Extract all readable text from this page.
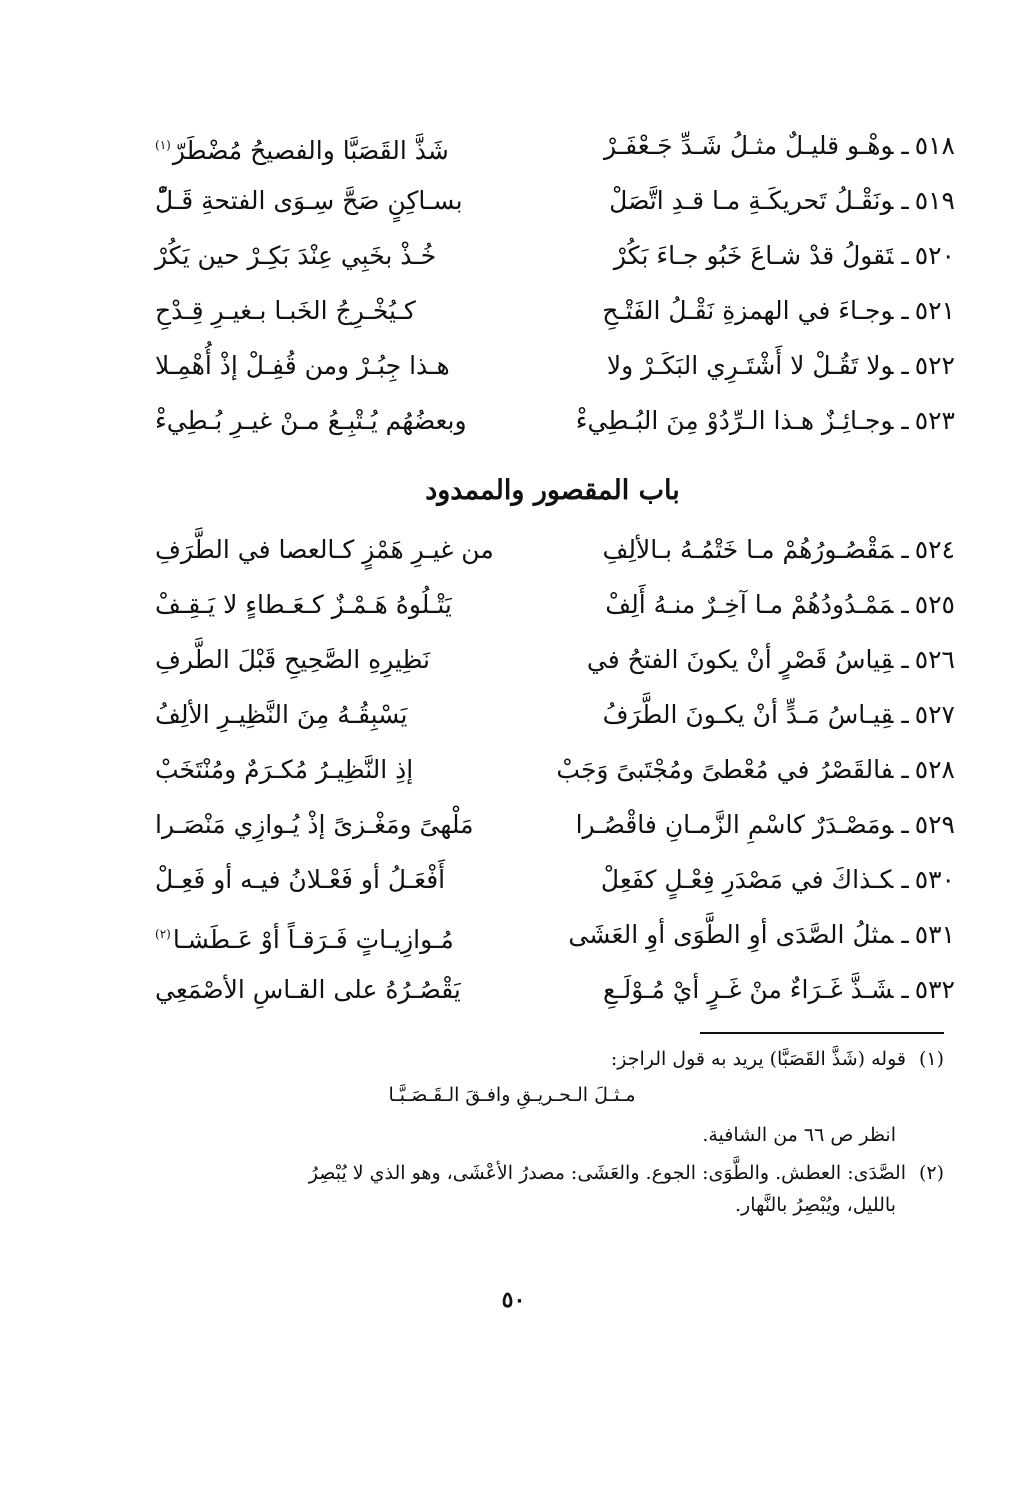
٥١٨ـوهْـو قليـلٌ مثـلُ شَـدِّ جَـعْفَـرْ
شَذَّ القَصَبَّا والفصيحُ مُضْطَرّ$^{(١)}$
٥١٩ـونَقْـلُ تَحريكَـةِ مـا قـدِ اتَّصَلْ
بسـاكِنٍ صَحَّ سِـوَى الفتحةِ قَـلّْ
٥٢٠ـتَقولُ قدْ شـاعَ خَبُو جـاءَ بَكُرْ
خُـذْ بخَبِي عِنْدَ بَكِـرْ حين يَكُرْ
٥٢١ـوجـاءَ في الهمزةِ نَقْـلُ الفَتْـحِ
كـيُخْـرِجُ الخَبـا بـغيـرِ قِـدْحِ
٥٢٢ـولا تَقُـلْ لا أَشْتَـرِي البَكَـرْ ولا
هـذا جِبُـرْ ومن قُفِـلْ إذْ أُهْمِـلا
٥٢٣ـوجـائِـزٌ هـذا الـرِّدُوْ مِنَ البُـطِيءْ
وبعضُهُم يُـتْبِـعُ مـنْ غيـرِ بُـطِيءْ
باب المقصور والممدود
٥٢٤ـمَقْصُـورُهُمْ مـا خَتْمُـهُ بـالألِفِ
من غيـرِ هَمْزٍ كـالعصا في الطَّرَفِ
٥٢٥ـمَمْـدُودُهُمْ مـا آخِـرٌ منـهُ أَلِفْ
يَتْـلُوهُ هَـمْـزٌ كـعَـطاءٍ لا يَـقِـفْ
٥٢٦ـقِياسُ قَصْرٍ أنْ يكونَ الفتحُ في
نَظِيرِهِ الصَّحِيحِ قَبْلَ الطَّرفِ
٥٢٧ـقِيـاسُ مَـدٍّ أنْ يكـونَ الطَّرَفُ
يَسْبِقُـهُ مِنَ النَّظِيـرِ الألِفُ
٥٢٨ـفالقَصْرُ في مُعْطىً ومُجْتَبىً وَجَبْ
إذِ النَّظِيـرُ مُكـرَمٌ ومُنْتَخَبْ
٥٢٩ـومَصْـدَرٌ كاسْمِ الزَّمـانِ فاقْصُـرا
مَلْهىً ومَغْـزىً إذْ يُـوازِي مَنْصَـرا
٥٣٠ـكـذاكَ في مَصْدَرِ فِعْـلٍ كفَعِلْ
أَفْعَـلُ أو فَعْـلانُ فيـه أو فَعِـلْ
٥٣١ـمثلُ الصَّدَى أوِ الطَّوَى أوِ العَشَى
مُـوازِيـاتٍ فَـرَقـاً أوْ عَـطَشـا$^{(٢)}$
٥٣٢ـشَـذَّ غَـرَاءٌ منْ غَـرٍ أيْ مُـوْلَـعِ
يَقْصُـرُهُ على القـاسِ الأصْمَعِي

(١)قوله (شَذَّ القَصَبَّا) يريد به قول الراجز:

مـثـلَ الـحـريـقِ وافـقَ الـقَـصَـبَّـا

انظر ص ٦٦ من الشافية.

(٢)الصَّدَى: العطش. والطَّوَى: الجوع. والعَشَى: مصدرُ الأعْشَى، وهو الذي لا يُبْصِرُ

بالليل، ويُبْصِرُ بالنَّهار.

٥٠
